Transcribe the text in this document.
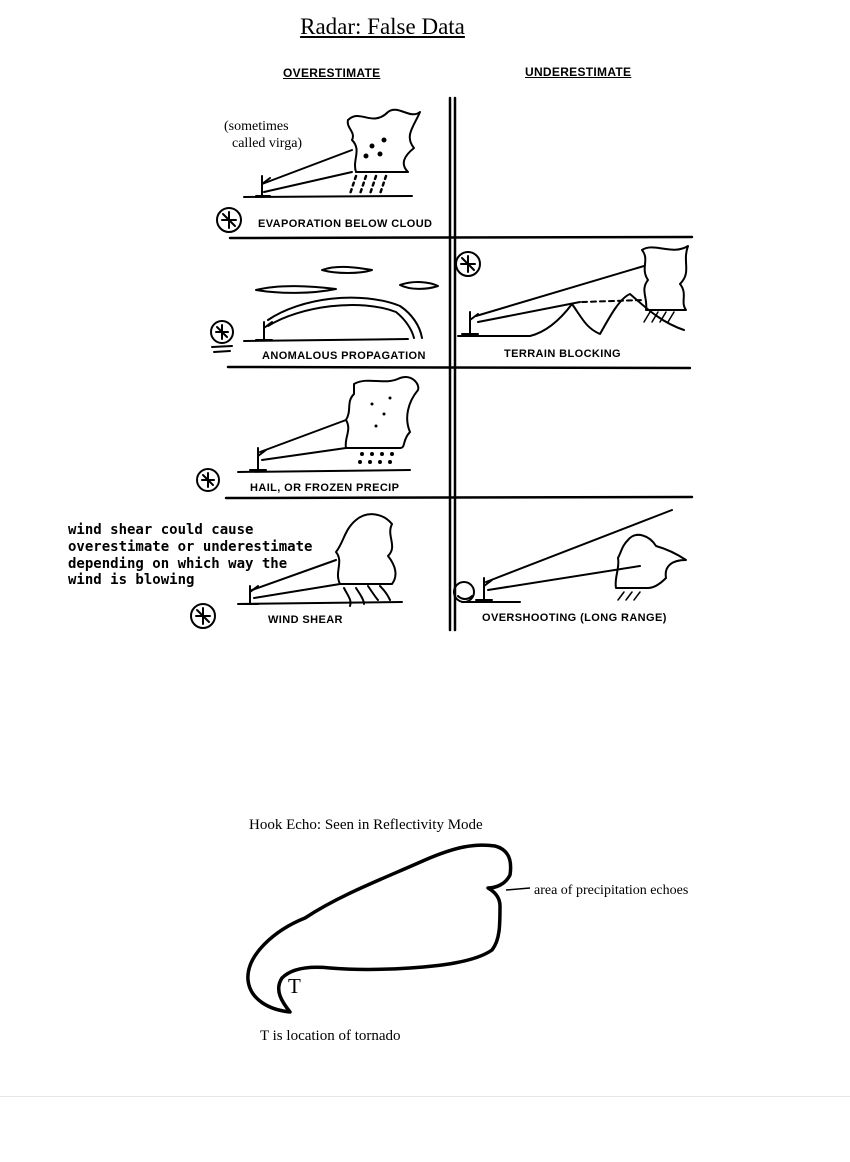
Radar: False Data
OVERESTIMATE	UNDERESTIMATE
EVAPORATION BELOW CLOUD
ANOMALOUS PROPAGATION	TERRAIN BLOCKING
HAIL, OR FROZEN PRECIP
WIND SHEAR	OVERSHOOTING (LONG RANGE)
(sometimes
called virga)
wind shear could cause
overestimate or underestimate
depending on which way the
wind is blowing
Hook Echo: Seen in Reflectivity Mode
area of precipitation echoes
T
T is location of tornado
